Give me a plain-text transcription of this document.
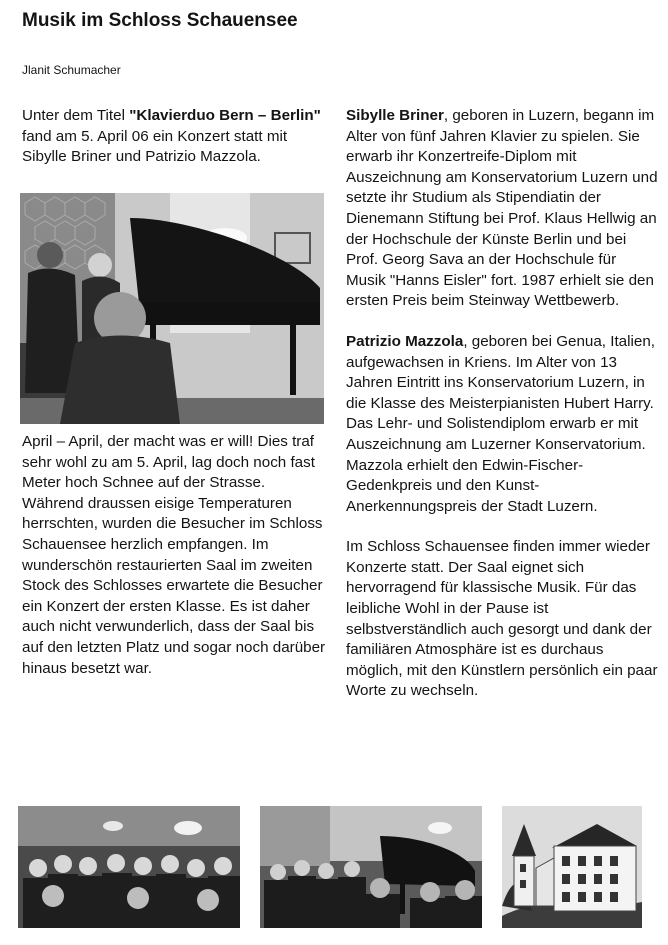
Musik im Schloss Schauensee
Jlanit Schumacher

Unter dem Titel "Klavierduo Bern – Berlin" fand am 5. April 06 ein Konzert statt mit Sibylle Briner und Patrizio Mazzola.

April – April, der macht was er will! Dies traf sehr wohl zu am 5. April, lag doch noch fast Meter hoch Schnee auf der Strasse. Während draussen eisige Temperaturen herrschten, wurden die Besucher im Schloss Schauensee herzlich empfangen. Im wunderschön restaurierten Saal im zweiten Stock des Schlosses erwartete die Besucher ein Konzert der ersten Klasse. Es ist daher auch nicht verwunderlich, dass der Saal bis auf den letzten Platz und sogar noch darüber hinaus besetzt war.

Sibylle Briner, geboren in Luzern, begann im Alter von fünf Jahren Klavier zu spielen. Sie erwarb ihr Konzertreife-Diplom mit Auszeichnung am Konservatorium Luzern und setzte ihr Studium als Stipendiatin der Dienemann Stiftung bei Prof. Klaus Hellwig an der Hochschule der Künste Berlin und bei Prof. Georg Sava an der Hochschule für Musik "Hanns Eisler" fort. 1987 erhielt sie den ersten Preis beim Steinway Wettbewerb.

Patrizio Mazzola, geboren bei Genua, Italien, aufgewachsen in Kriens. Im Alter von 13 Jahren Eintritt ins Konservatorium Luzern, in die Klasse des Meisterpianisten Hubert Harry. Das Lehr- und Solistendiplom erwarb er mit Auszeichnung am Luzerner Konservatorium. Mazzola erhielt den Edwin-Fischer-Gedenkpreis und den Kunst-Anerkennungspreis der Stadt Luzern.

Im Schloss Schauensee finden immer wieder Konzerte statt. Der Saal eignet sich hervorragend für klassische Musik. Für das leibliche Wohl in der Pause ist selbstverständlich auch gesorgt und dank der familiären Atmosphäre ist es durchaus möglich, mit den Künstlern persönlich ein paar Worte zu wechseln.
